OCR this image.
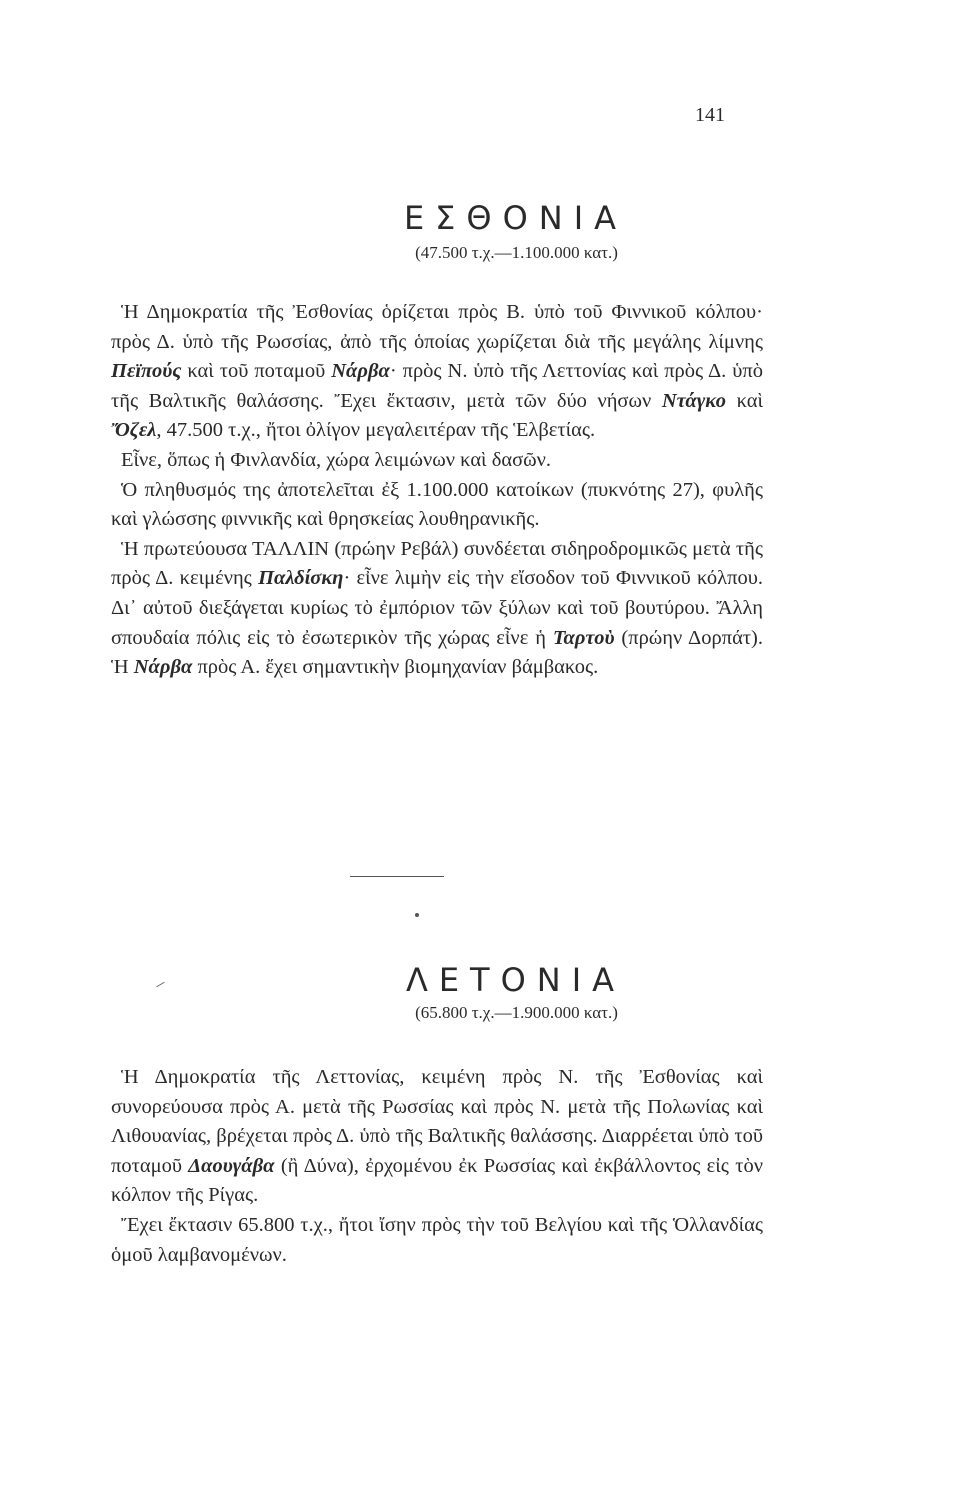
141
ΕΣΘΟΝΙΑ
(47.500 τ.χ.—1.100.000 κατ.)

Ἡ Δημοκρατία τῆς Ἐσθονίας ὁρίζεται πρὸς Β. ὑπὸ τοῦ Φιννικοῦ κόλπου· πρὸς Δ. ὑπὸ τῆς Ρωσσίας, ἀπὸ τῆς ὁποίας χωρίζεται διὰ τῆς μεγάλης λίμνης Πεϊπούς καὶ τοῦ ποταμοῦ Νάρβα· πρὸς Ν. ὑπὸ τῆς Λεττονίας καὶ πρὸς Δ. ὑπὸ τῆς Βαλτικῆς θαλάσσης. Ἔχει ἔκτασιν, μετὰ τῶν δύο νήσων Ντάγκο καὶ Ὄζελ, 47.500 τ.χ., ἤτοι ὀλίγον μεγαλειτέραν τῆς Ἑλβετίας.

Εἶνε, ὅπως ἡ Φινλανδία, χώρα λειμώνων καὶ δασῶν.

Ὁ πληθυσμός της ἀποτελεῖται ἐξ 1.100.000 κατοίκων (πυκνότης 27), φυλῆς καὶ γλώσσης φιννικῆς καὶ θρησκείας λουθηρανικῆς.

Ἡ πρωτεύουσα ΤΑΛΛΙΝ (πρώην Ρεβάλ) συνδέεται σιδηροδρομικῶς μετὰ τῆς πρὸς Δ. κειμένης Παλδίσκη· εἶνε λιμὴν εἰς τὴν εἴσοδον τοῦ Φιννικοῦ κόλπου. Δι᾽ αὐτοῦ διεξάγεται κυρίως τὸ ἐμπόριον τῶν ξύλων καὶ τοῦ βουτύρου. Ἄλλη σπουδαία πόλις εἰς τὸ ἐσωτερικὸν τῆς χώρας εἶνε ἡ Ταρτοὺ (πρώην Δορπάτ). Ἡ Νάρβα πρὸς Α. ἔχει σημαντικὴν βιομηχανίαν βάμβακος.

ΛΕΤΟΝΙΑ
(65.800 τ.χ.—1.900.000 κατ.)

Ἡ Δημοκρατία τῆς Λεττονίας, κειμένη πρὸς Ν. τῆς Ἐσθονίας καὶ συνορεύουσα πρὸς Α. μετὰ τῆς Ρωσσίας καὶ πρὸς Ν. μετὰ τῆς Πολωνίας καὶ Λιθουανίας, βρέχεται πρὸς Δ. ὑπὸ τῆς Βαλτικῆς θαλάσσης. Διαρρέεται ὑπὸ τοῦ ποταμοῦ Δαουγάβα (ἢ Δύνα), ἐρχομένου ἐκ Ρωσσίας καὶ ἐκβάλλοντος εἰς τὸν κόλπον τῆς Ρίγας.

Ἔχει ἔκτασιν 65.800 τ.χ., ἤτοι ἴσην πρὸς τὴν τοῦ Βελγίου καὶ τῆς Ὁλλανδίας ὁμοῦ λαμβανομένων.
